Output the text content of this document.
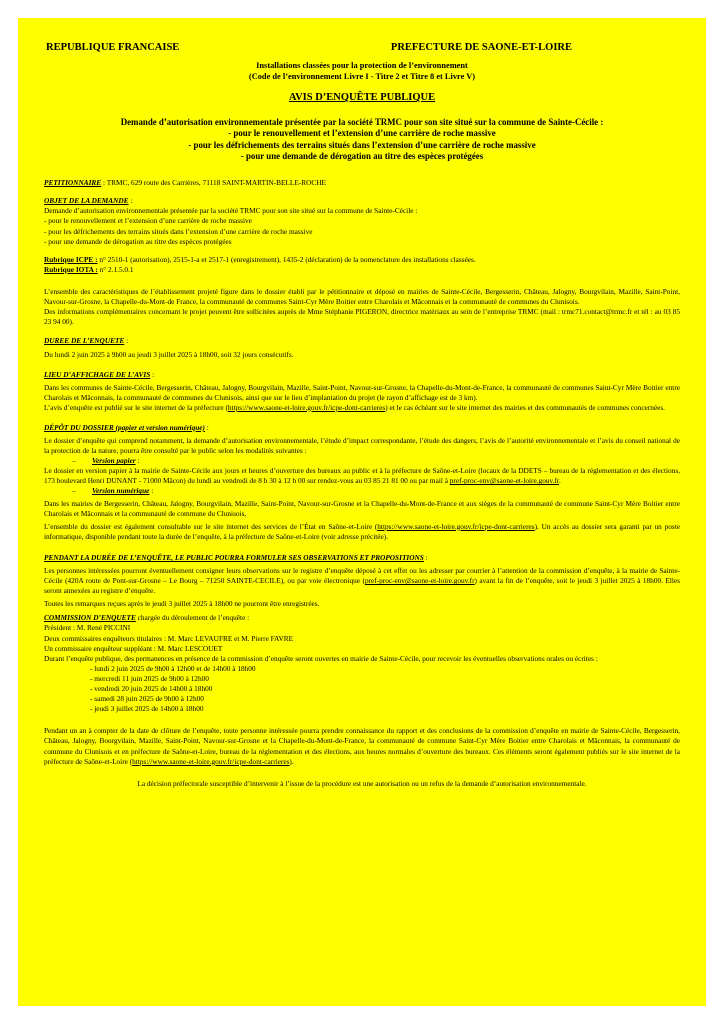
REPUBLIQUE FRANCAISE	PREFECTURE DE SAONE-ET-LOIRE
Installations classées pour la protection de l’environnement
(Code de l’environnement Livre I - Titre 2 et Titre 8 et Livre V)
AVIS D’ENQUÊTE PUBLIQUE
Demande d’autorisation environnementale présentée par la société TRMC pour son site situé sur la commune de Sainte-Cécile :
- pour le renouvellement et l’extension d’une carrière de roche massive
- pour les défrichements des terrains situés dans l’extension d’une carrière de roche massive
- pour une demande de dérogation au titre des espèces protégées

PETITIONNAIRE : TRMC, 629 route des Carrières, 71118 SAINT-MARTIN-BELLE-ROCHE

OBJET DE LA DEMANDE :

Demande d’autorisation environnementale présentée par la société TRMC pour son site situé sur la commune de Sainte-Cécile :

- pour le renouvellement et l’extension d’une carrière de roche massive

- pour les défrichements des terrains situés dans l’extension d’une carrière de roche massive

- pour une demande de dérogation au titre des espèces protégées

Rubrique ICPE : n° 2510-1 (autorisation), 2515-1-a et 2517-1 (enregistrement), 1435-2 (déclaration) de la nomenclature des installations classées.

Rubrique IOTA : n° 2.1.5.0.1

L’ensemble des caractéristiques de l’établissement projeté figure dans le dossier établi par le pétitionnaire et déposé en mairies de Sainte-Cécile, Bergesserin, Château, Jalogny, Bourgvilain, Mazille, Saint-Point, Navour-sur-Grosne, la Chapelle-du-Mont-de France, la communauté de communes Saint-Cyr Mère Boitier entre Charolais et Mâconnais et la communauté de communes du Clunisois.

Des informations complémentaires concernant le projet peuvent être sollicitées auprès de Mme Stéphanie PIGERON, directrice matériaux au sein de l’entreprise TRMC (mail : trmc71.contact@trmc.fr et tél : au 03 85 23 94 00).

DUREE DE L’ENQUETE :

Du lundi 2 juin 2025 à 9h00 au jeudi 3 juillet 2025 à 18h00, soit 32 jours consécutifs.

LIEU D’AFFICHAGE DE L’AVIS :

Dans les communes de Sainte-Cécile, Bergesserin, Château, Jalogny, Bourgvilain, Mazille, Saint-Point, Navour-sur-Grosne, la Chapelle-du-Mont-de-France, la communauté de communes Saint-Cyr Mère Boitier entre Charolais et Mâconnais, la communauté de communes du Clunisois, ainsi que sur le lieu d’implantation du projet (le rayon d’affichage est de 3 km).

L’avis d’enquête est publié sur le site internet de la préfecture (https://www.saone-et-loire.gouv.fr/icpe-dont-carrieres) et le cas échéant sur le site internet des mairies et des communautés de communes concernées.

DÉPÔT DU DOSSIER (papier et version numérique) :

Le dossier d’enquête qui comprend notamment, la demande d’autorisation environnementale, l’étude d’impact correspondante, l’étude des dangers, l’avis de l’autorité environnementale et l’avis du conseil national de la protection de la nature, pourra être consulté par le public selon les modalités suivantes :

– Version papier :

Le dossier en version papier à la mairie de Sainte-Cécile aux jours et heures d’ouverture des bureaux au public et à la préfecture de Saône-et-Loire (locaux de la DDETS – bureau de la réglementation et des élections, 173 boulevard Henri DUNANT - 71000 Mâcon) du lundi au vendredi de 8 h 30 à 12 h 00 sur rendez-vous au 03 85 21 81 00 ou par mail à pref-proc-env@saone-et-loire.gouv.fr.

– Version numérique :

Dans les mairies de Bergesserin, Château, Jalogny, Bourgvilain, Mazille, Saint-Point, Navour-sur-Grosne et la Chapelle-du-Mont-de-France et aux sièges de la communauté de commune Saint-Cyr Mère Boitier entre Charolais et Mâconnais et la communauté de commune du Clunisois,

L’ensemble du dossier est également consultable sur le site internet des services de l’État en Saône-et-Loire (https://www.saone-et-loire.gouv.fr/icpe-dont-carrieres). Un accès au dossier sera garanti par un poste informatique, disponible pendant toute la durée de l’enquête, à la préfecture de Saône-et-Loire (voir adresse précitée).

PENDANT LA DURÉE DE L’ENQUÊTE, LE PUBLIC POURRA FORMULER SES OBSERVATIONS ET PROPOSITIONS :

Les personnes intéressées pourront éventuellement consigner leurs observations sur le registre d’enquête déposé à cet effet ou les adresser par courrier à l’attention de la commission d’enquête, à la mairie de Sainte-Cécile (420A route de Pont-sur-Grosne – Le Bourg – 71250 SAINTE-CECILE), ou par voie électronique (pref-proc-env@saone-et-loire.gouv.fr) avant la fin de l’enquête, soit le jeudi 3 juillet 2025 à 18h00. Elles seront annexées au registre d’enquête.

Toutes les remarques reçues après le jeudi 3 juillet 2025 à 18h00 ne pourront être enregistrées.

COMMISSION D’ENQUETE chargée du déroulement de l’enquête :

Président : M. René PICCINI

Deux commissaires enquêteurs titulaires : M. Marc LEVAUFRE et M. Pierre FAVRE

Un commissaire enquêteur suppléant : M. Marc LESCOUET

Durant l’enquête publique, des permanences en présence de la commission d’enquête seront ouvertes en mairie de Sainte-Cécile, pour recevoir les éventuelles observations orales ou écrites :

- lundi 2 juin 2025 de 9h00 à 12h00 et de 14h00 à 18h00

- mercredi 11 juin 2025 de 9h00 à 12h00

- vendredi 20 juin 2025 de 14h00 à 18h00

- samedi 28 juin 2025 de 9h00 à 12h00

- jeudi 3 juillet 2025 de 14h00 à 18h00

Pendant un an à compter de la date de clôture de l’enquête, toute personne intéressée pourra prendre connaissance du rapport et des conclusions de la commission d’enquête en mairie de Sainte-Cécile, Bergesserin, Château, Jalogny, Bourgvilain, Mazille, Saint-Point, Navour-sur-Grosne et la Chapelle-du-Mont-de-France, la communauté de commune Saint-Cyr Mère Boitier entre Charolais et Mâconnais, la communauté de commune du Clunisois et en préfecture de Saône-et-Loire, bureau de la réglementation et des élections, aux heures normales d’ouverture des bureaux. Ces éléments seront également publiés sur le site internet de la préfecture de Saône-et-Loire (https://www.saone-et-loire.gouv.fr/icpe-dont-carrieres).

La décision préfectorale susceptible d’intervenir à l’issue de la procédure est une autorisation ou un refus de la demande d’autorisation environnementale.
